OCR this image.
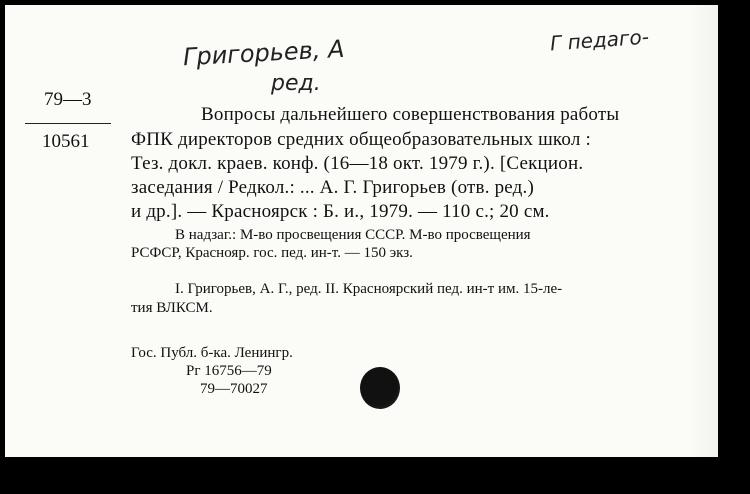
Григорьев, А
ред.
Г педаго-
79—3
10561
Вопросы дальнейшего совершенствования работы
ФПК директоров средних общеобразовательных школ :
Тез. докл. краев. конф. (16—18 окт. 1979 г.). [Секцион.
заседания / Редкол.: ... А. Г. Григорьев (отв. ред.)
и др.]. — Красноярск : Б. и., 1979. — 110 с.; 20 см.
В надзаг.: М-во просвещения СССР. М-во просвещения
РСФСР, Краснояр. гос. пед. ин-т. — 150 экз.
I. Григорьев, А. Г., ред. II. Красноярский пед. ин-т им. 15-ле-
тия ВЛКСМ.
Гос. Публ. б-ка. Ленингр.
Рг 16756—79
79—70027
